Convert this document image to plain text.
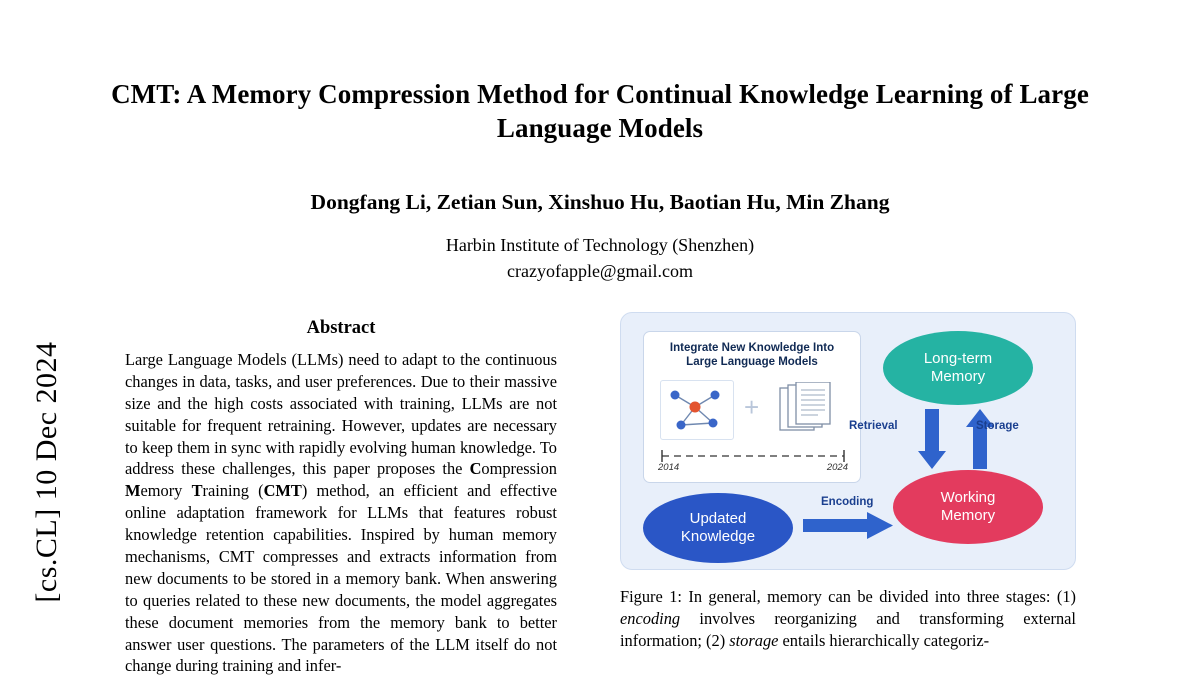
[cs.CL] 10 Dec 2024
CMT: A Memory Compression Method for Continual Knowledge Learning of Large Language Models
Dongfang Li, Zetian Sun, Xinshuo Hu, Baotian Hu, Min Zhang
Harbin Institute of Technology (Shenzhen)
crazyofapple@gmail.com
Abstract
Large Language Models (LLMs) need to adapt to the continuous changes in data, tasks, and user preferences. Due to their massive size and the high costs associated with training, LLMs are not suitable for frequent retraining. However, updates are necessary to keep them in sync with rapidly evolving human knowledge. To address these challenges, this paper proposes the Compression Memory Training (CMT) method, an efficient and effective online adaptation framework for LLMs that features robust knowledge retention capabilities. Inspired by human memory mechanisms, CMT compresses and extracts information from new documents to be stored in a memory bank. When answering to queries related to these new documents, the model aggregates these document memories from the memory bank to better answer user questions. The parameters of the LLM itself do not change during training and infer-
Integrate New Knowledge Into
Large Language Models
+
2014	2024
Long-term
Memory
Working
Memory
Updated
Knowledge
Retrieval	Storage
Encoding
Figure 1: In general, memory can be divided into three stages: (1) encoding involves reorganizing and transforming external information; (2) storage entails hierarchically categoriz-
